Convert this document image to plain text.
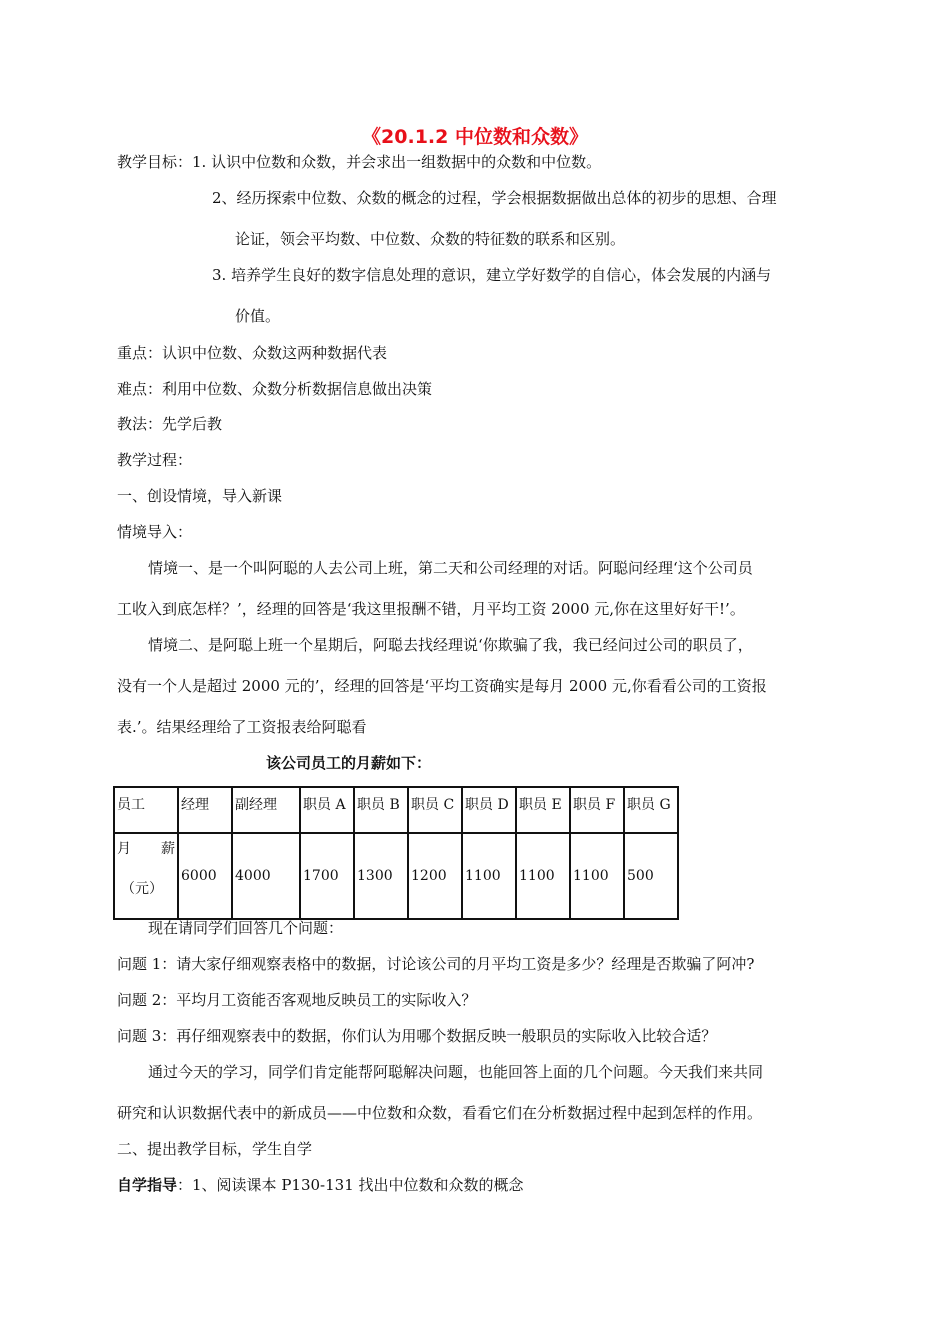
《20.1.2 中位数和众数》
教学目标：1. 认识中位数和众数，并会求出一组数据中的众数和中位数。
2、经历探索中位数、众数的概念的过程，学会根据数据做出总体的初步的思想、合理
论证，领会平均数、中位数、众数的特征数的联系和区别。
3. 培养学生良好的数字信息处理的意识，建立学好数学的自信心，体会发展的内涵与
价值。
重点：认识中位数、众数这两种数据代表
难点：利用中位数、众数分析数据信息做出决策
教法：先学后教
教学过程：
一、创设情境，导入新课
情境导入：
情境一、是一个叫阿聪的人去公司上班，第二天和公司经理的对话。阿聪问经理‘这个公司员
工收入到底怎样？’，经理的回答是‘我这里报酬不错，月平均工资 2000 元,你在这里好好干!’。
情境二、是阿聪上班一个星期后，阿聪去找经理说‘你欺骗了我，我已经问过公司的职员了，
没有一个人是超过 2000 元的’，经理的回答是‘平均工资确实是每月 2000 元,你看看公司的工资报
表.’。结果经理给了工资报表给阿聪看
该公司员工的月薪如下：
员工	经理	副经理	职员 A	职员 B	职员 C	职员 D	职员 E	职员 F	职员 G

月 薪
（元）	6000	4000	1700	1300	1200	1100	1100	1100	500
现在请同学们回答几个问题：
问题 1：请大家仔细观察表格中的数据，讨论该公司的月平均工资是多少？经理是否欺骗了阿冲?
问题 2：平均月工资能否客观地反映员工的实际收入？
问题 3：再仔细观察表中的数据，你们认为用哪个数据反映一般职员的实际收入比较合适？
通过今天的学习，同学们肯定能帮阿聪解决问题，也能回答上面的几个问题。今天我们来共同
研究和认识数据代表中的新成员——中位数和众数，看看它们在分析数据过程中起到怎样的作用。
二、提出教学目标，学生自学
自学指导：1、阅读课本 P130-131 找出中位数和众数的概念
